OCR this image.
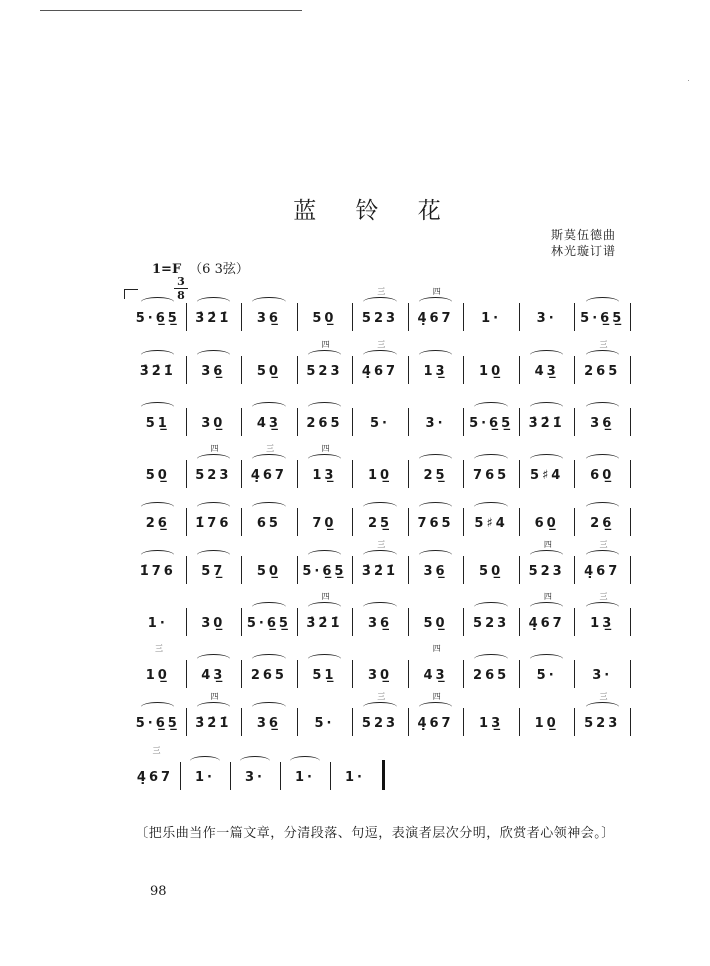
蓝 铃 花
斯莫伍德曲
林光璇订谱
1=F （6 3弦）
3
8
5·6̲5̲	3̇2̇1̇	36̲	50̲	523
三
4̣67
四
1·	3·	5·6̲5̲
3̇2̇1̇	36̲	50̲	523
四
4̣67
三
13̲	10̲	43̲	265
三
51̲	30̲	43̲	265	5·	3·	5·6̲5̲	3̇2̇1̇	36̲
50̲	523
四
4̣67
三
13̲
四
10̲	25̲	765	5♯4	60̲
26̲	1̇76	65	70̲	25̲	765	5♯4	60̲	26̲
1̇76	57̲	50̲	5·6̲5̲	3̇2̇1̇
三
36̲	50̲	523
四
4̣67
三
1·	30̲	5·6̲5̲	3̇2̇1̇
四
36̲	50̲	523	4̣67
四
13̲
三
10̲
三
43̲	265	51̲	30̲	43̲
四
265	5·	3·
5·6̲5̲	3̇2̇1̇
四
36̲	5·	523
三
4̣67
四
13̲	10̲	523
三
4̣67
三
1·	3·	1·	1·
〔把乐曲当作一篇文章，分清段落、句逗，表演者层次分明，欣赏者心领神会。〕
98
